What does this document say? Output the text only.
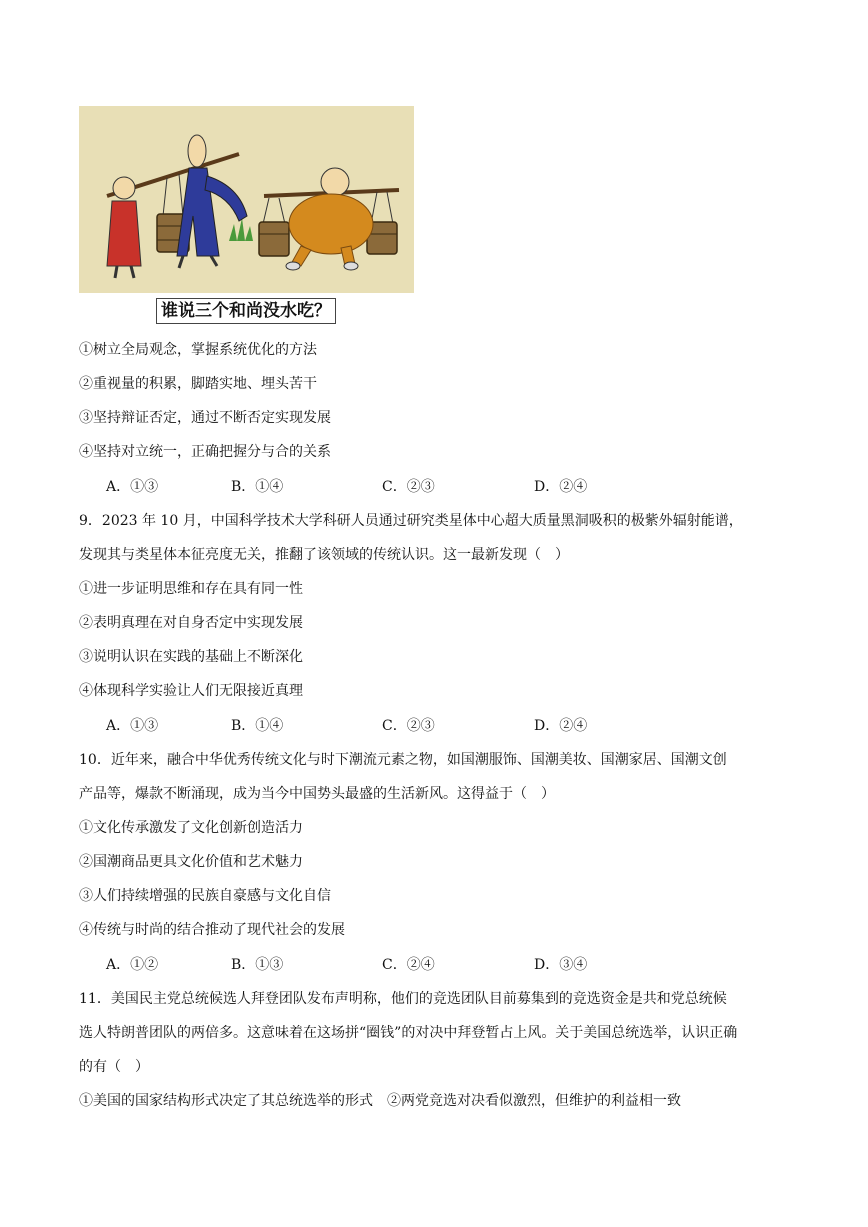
谁说三个和尚没水吃？
①树立全局观念，掌握系统优化的方法
②重视量的积累，脚踏实地、埋头苦干
③坚持辩证否定，通过不断否定实现发展
④坚持对立统一，正确把握分与合的关系
A．①③	B．①④	C．②③	D．②④
9．2023 年 10 月，中国科学技术大学科研人员通过研究类星体中心超大质量黑洞吸积的极紫外辐射能谱，
发现其与类星体本征亮度无关，推翻了该领域的传统认识。这一最新发现（　）
①进一步证明思维和存在具有同一性
②表明真理在对自身否定中实现发展
③说明认识在实践的基础上不断深化
④体现科学实验让人们无限接近真理
A．①③	B．①④	C．②③	D．②④
10．近年来，融合中华优秀传统文化与时下潮流元素之物，如国潮服饰、国潮美妆、国潮家居、国潮文创
产品等，爆款不断涌现，成为当今中国势头最盛的生活新风。这得益于（　）
①文化传承激发了文化创新创造活力
②国潮商品更具文化价值和艺术魅力
③人们持续增强的民族自豪感与文化自信
④传统与时尚的结合推动了现代社会的发展
A．①②	B．①③	C．②④	D．③④
11．美国民主党总统候选人拜登团队发布声明称，他们的竞选团队目前募集到的竞选资金是共和党总统候
选人特朗普团队的两倍多。这意味着在这场拼“圈钱”的对决中拜登暂占上风。关于美国总统选举，认识正确
的有（　）
①美国的国家结构形式决定了其总统选举的形式　②两党竞选对决看似激烈，但维护的利益相一致
